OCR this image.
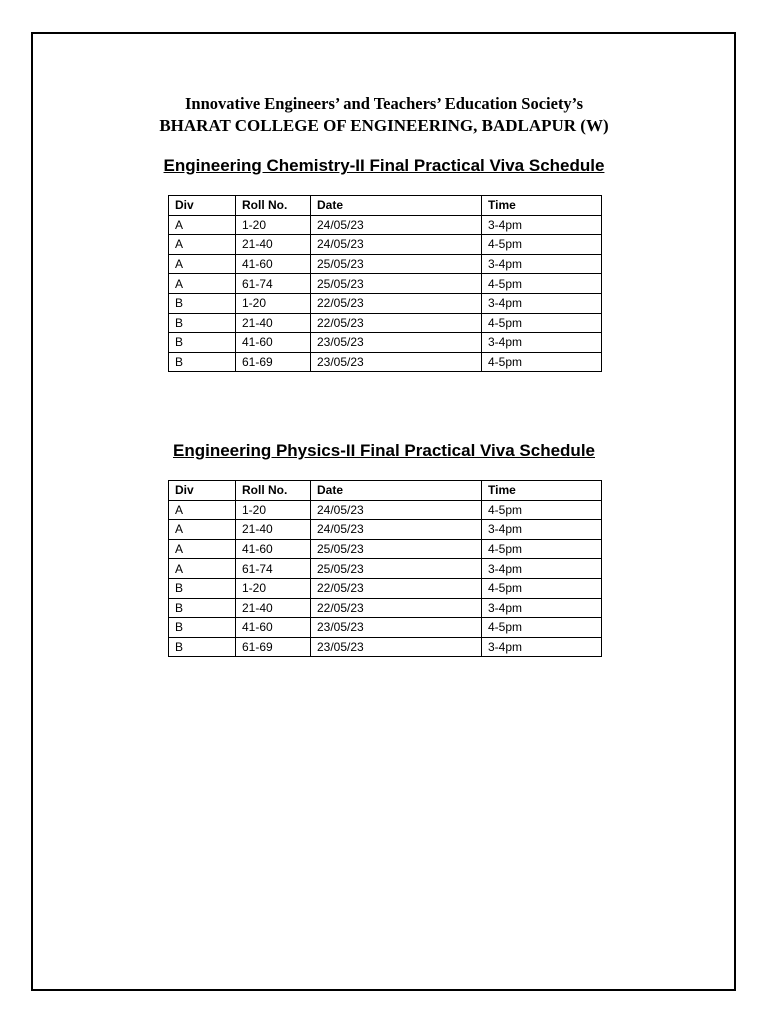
Innovative Engineers’ and Teachers’ Education Society’s
BHARAT COLLEGE OF ENGINEERING, BADLAPUR (W)
Engineering Chemistry-II Final Practical Viva Schedule
Div	Roll No.	Date	Time
A	1-20	24/05/23	3-4pm
A	21-40	24/05/23	4-5pm
A	41-60	25/05/23	3-4pm
A	61-74	25/05/23	4-5pm
B	1-20	22/05/23	3-4pm
B	21-40	22/05/23	4-5pm
B	41-60	23/05/23	3-4pm
B	61-69	23/05/23	4-5pm
Engineering Physics-II Final Practical Viva Schedule
Div	Roll No.	Date	Time
A	1-20	24/05/23	4-5pm
A	21-40	24/05/23	3-4pm
A	41-60	25/05/23	4-5pm
A	61-74	25/05/23	3-4pm
B	1-20	22/05/23	4-5pm
B	21-40	22/05/23	3-4pm
B	41-60	23/05/23	4-5pm
B	61-69	23/05/23	3-4pm
